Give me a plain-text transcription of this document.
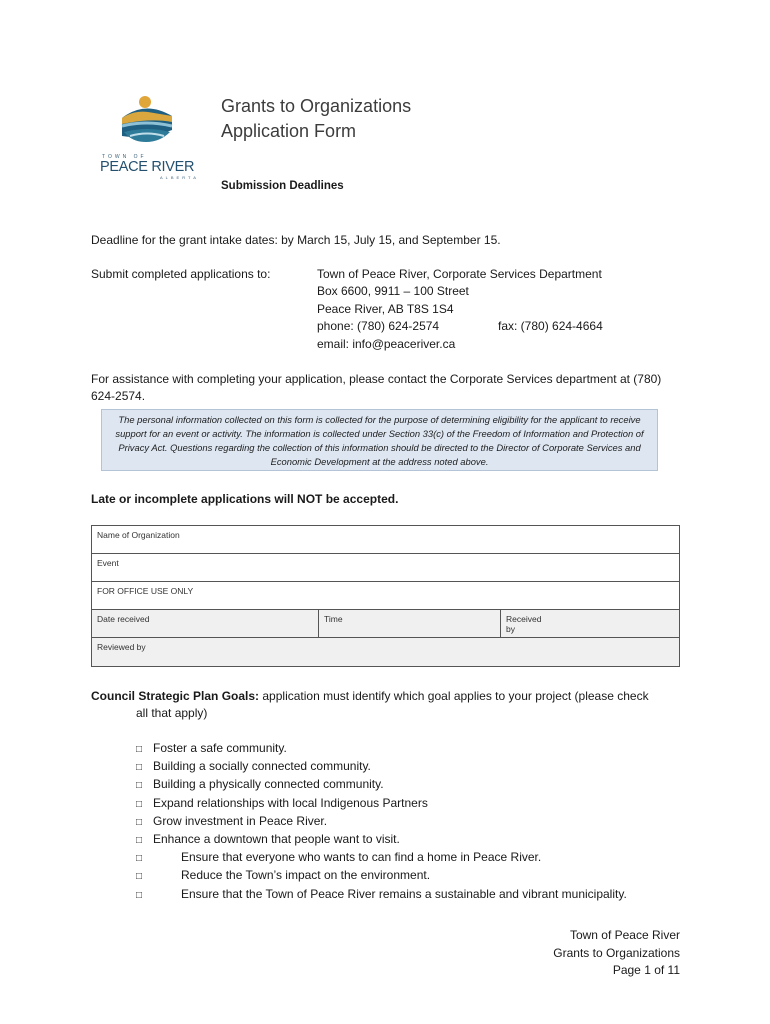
TOWN OF
PEACE RIVER
ALBERTA
Grants to Organizations
Application Form
Submission Deadlines
Deadline for the grant intake dates: by March 15, July 15, and September 15.
Submit completed applications to:	Town of Peace River, Corporate Services Department
Box 6600, 9911 – 100 Street
Peace River, AB T8S 1S4
phone: (780) 624-2574	fax: (780) 624-4664
email: info@peaceriver.ca
For assistance with completing your application, please contact the Corporate Services department at (780) 624-2574.
The personal information collected on this form is collected for the purpose of determining eligibility for the applicant to receive support for an event or activity. The information is collected under Section 33(c) of the Freedom of Information and Protection of Privacy Act. Questions regarding the collection of this information should be directed to the Director of Corporate Services and Economic Development at the address noted above.
Late or incomplete applications will NOT be accepted.
Name of Organization
Event
FOR OFFICE USE ONLY
Date received	Time	Received by
Reviewed by
Council Strategic Plan Goals: application must identify which goal applies to your project (please check
all that apply)
□ Foster a safe community.
□ Building a socially connected community.
□ Building a physically connected community.
□ Expand relationships with local Indigenous Partners
□ Grow investment in Peace River.
□ Enhance a downtown that people want to visit.
□	Ensure that everyone who wants to can find a home in Peace River.
□	Reduce the Town’s impact on the environment.
□	Ensure that the Town of Peace River remains a sustainable and vibrant municipality.
Town of Peace River
Grants to Organizations
Page 1 of 11
